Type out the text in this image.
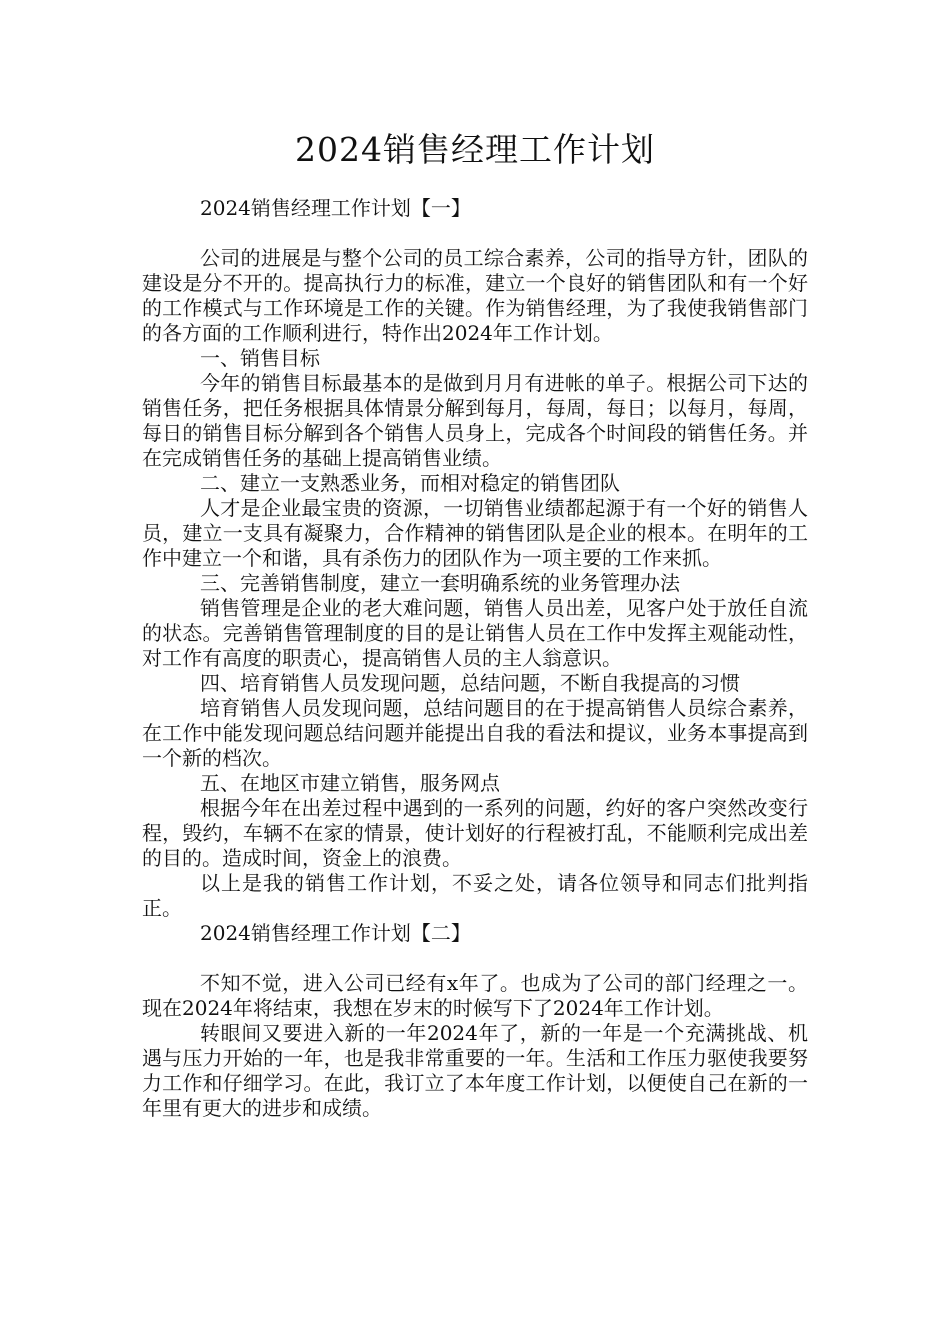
2024销售经理工作计划

2024销售经理工作计划【一】

公司的进展是与整个公司的员工综合素养，公司的指导方针，团队的建设是分不开的。提高执行力的标准，建立一个良好的销售团队和有一个好的工作模式与工作环境是工作的关键。作为销售经理，为了我使我销售部门的各方面的工作顺利进行，特作出2024年工作计划。

一、销售目标

今年的销售目标最基本的是做到月月有进帐的单子。根据公司下达的销售任务，把任务根据具体情景分解到每月，每周，每日；以每月，每周，每日的销售目标分解到各个销售人员身上，完成各个时间段的销售任务。并在完成销售任务的基础上提高销售业绩。

二、建立一支熟悉业务，而相对稳定的销售团队

人才是企业最宝贵的资源，一切销售业绩都起源于有一个好的销售人员，建立一支具有凝聚力，合作精神的销售团队是企业的根本。在明年的工作中建立一个和谐，具有杀伤力的团队作为一项主要的工作来抓。

三、完善销售制度，建立一套明确系统的业务管理办法

销售管理是企业的老大难问题，销售人员出差，见客户处于放任自流的状态。完善销售管理制度的目的是让销售人员在工作中发挥主观能动性，对工作有高度的职责心，提高销售人员的主人翁意识。

四、培育销售人员发现问题，总结问题，不断自我提高的习惯

培育销售人员发现问题，总结问题目的在于提高销售人员综合素养，在工作中能发现问题总结问题并能提出自我的看法和提议，业务本事提高到一个新的档次。

五、在地区市建立销售，服务网点

根据今年在出差过程中遇到的一系列的问题，约好的客户突然改变行程，毁约，车辆不在家的情景，使计划好的行程被打乱，不能顺利完成出差的目的。造成时间，资金上的浪费。

以上是我的销售工作计划，不妥之处，请各位领导和同志们批判指正。

2024销售经理工作计划【二】

不知不觉，进入公司已经有x年了。也成为了公司的部门经理之一。现在2024年将结束，我想在岁末的时候写下了2024年工作计划。

转眼间又要进入新的一年2024年了，新的一年是一个充满挑战、机遇与压力开始的一年，也是我非常重要的一年。生活和工作压力驱使我要努力工作和仔细学习。在此，我订立了本年度工作计划，以便使自己在新的一年里有更大的进步和成绩。
